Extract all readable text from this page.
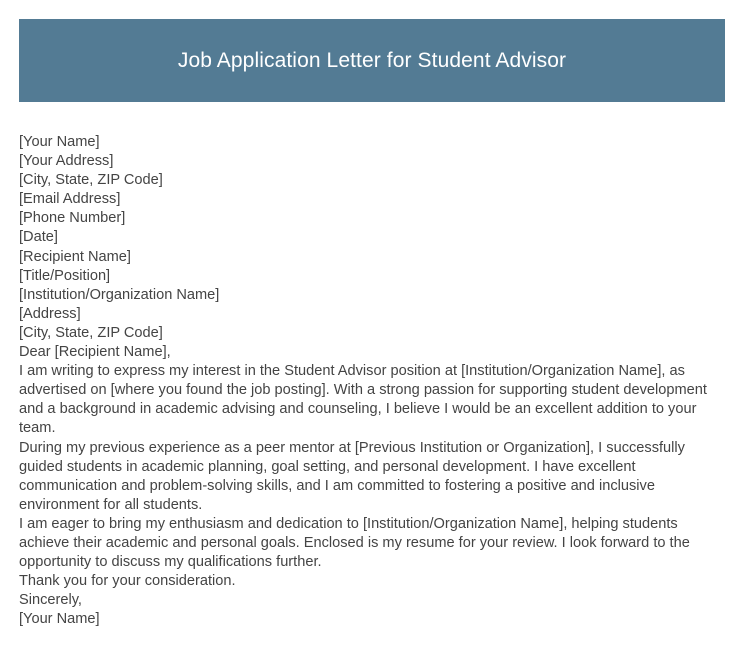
Job Application Letter for Student Advisor
[Your Name]
[Your Address]
[City, State, ZIP Code]
[Email Address]
[Phone Number]
[Date]
[Recipient Name]
[Title/Position]
[Institution/Organization Name]
[Address]
[City, State, ZIP Code]
Dear [Recipient Name],
I am writing to express my interest in the Student Advisor position at [Institution/Organization Name], as advertised on [where you found the job posting]. With a strong passion for supporting student development and a background in academic advising and counseling, I believe I would be an excellent addition to your team.
During my previous experience as a peer mentor at [Previous Institution or Organization], I successfully guided students in academic planning, goal setting, and personal development. I have excellent communication and problem-solving skills, and I am committed to fostering a positive and inclusive environment for all students.
I am eager to bring my enthusiasm and dedication to [Institution/Organization Name], helping students achieve their academic and personal goals. Enclosed is my resume for your review. I look forward to the opportunity to discuss my qualifications further.
Thank you for your consideration.
Sincerely,
[Your Name]
